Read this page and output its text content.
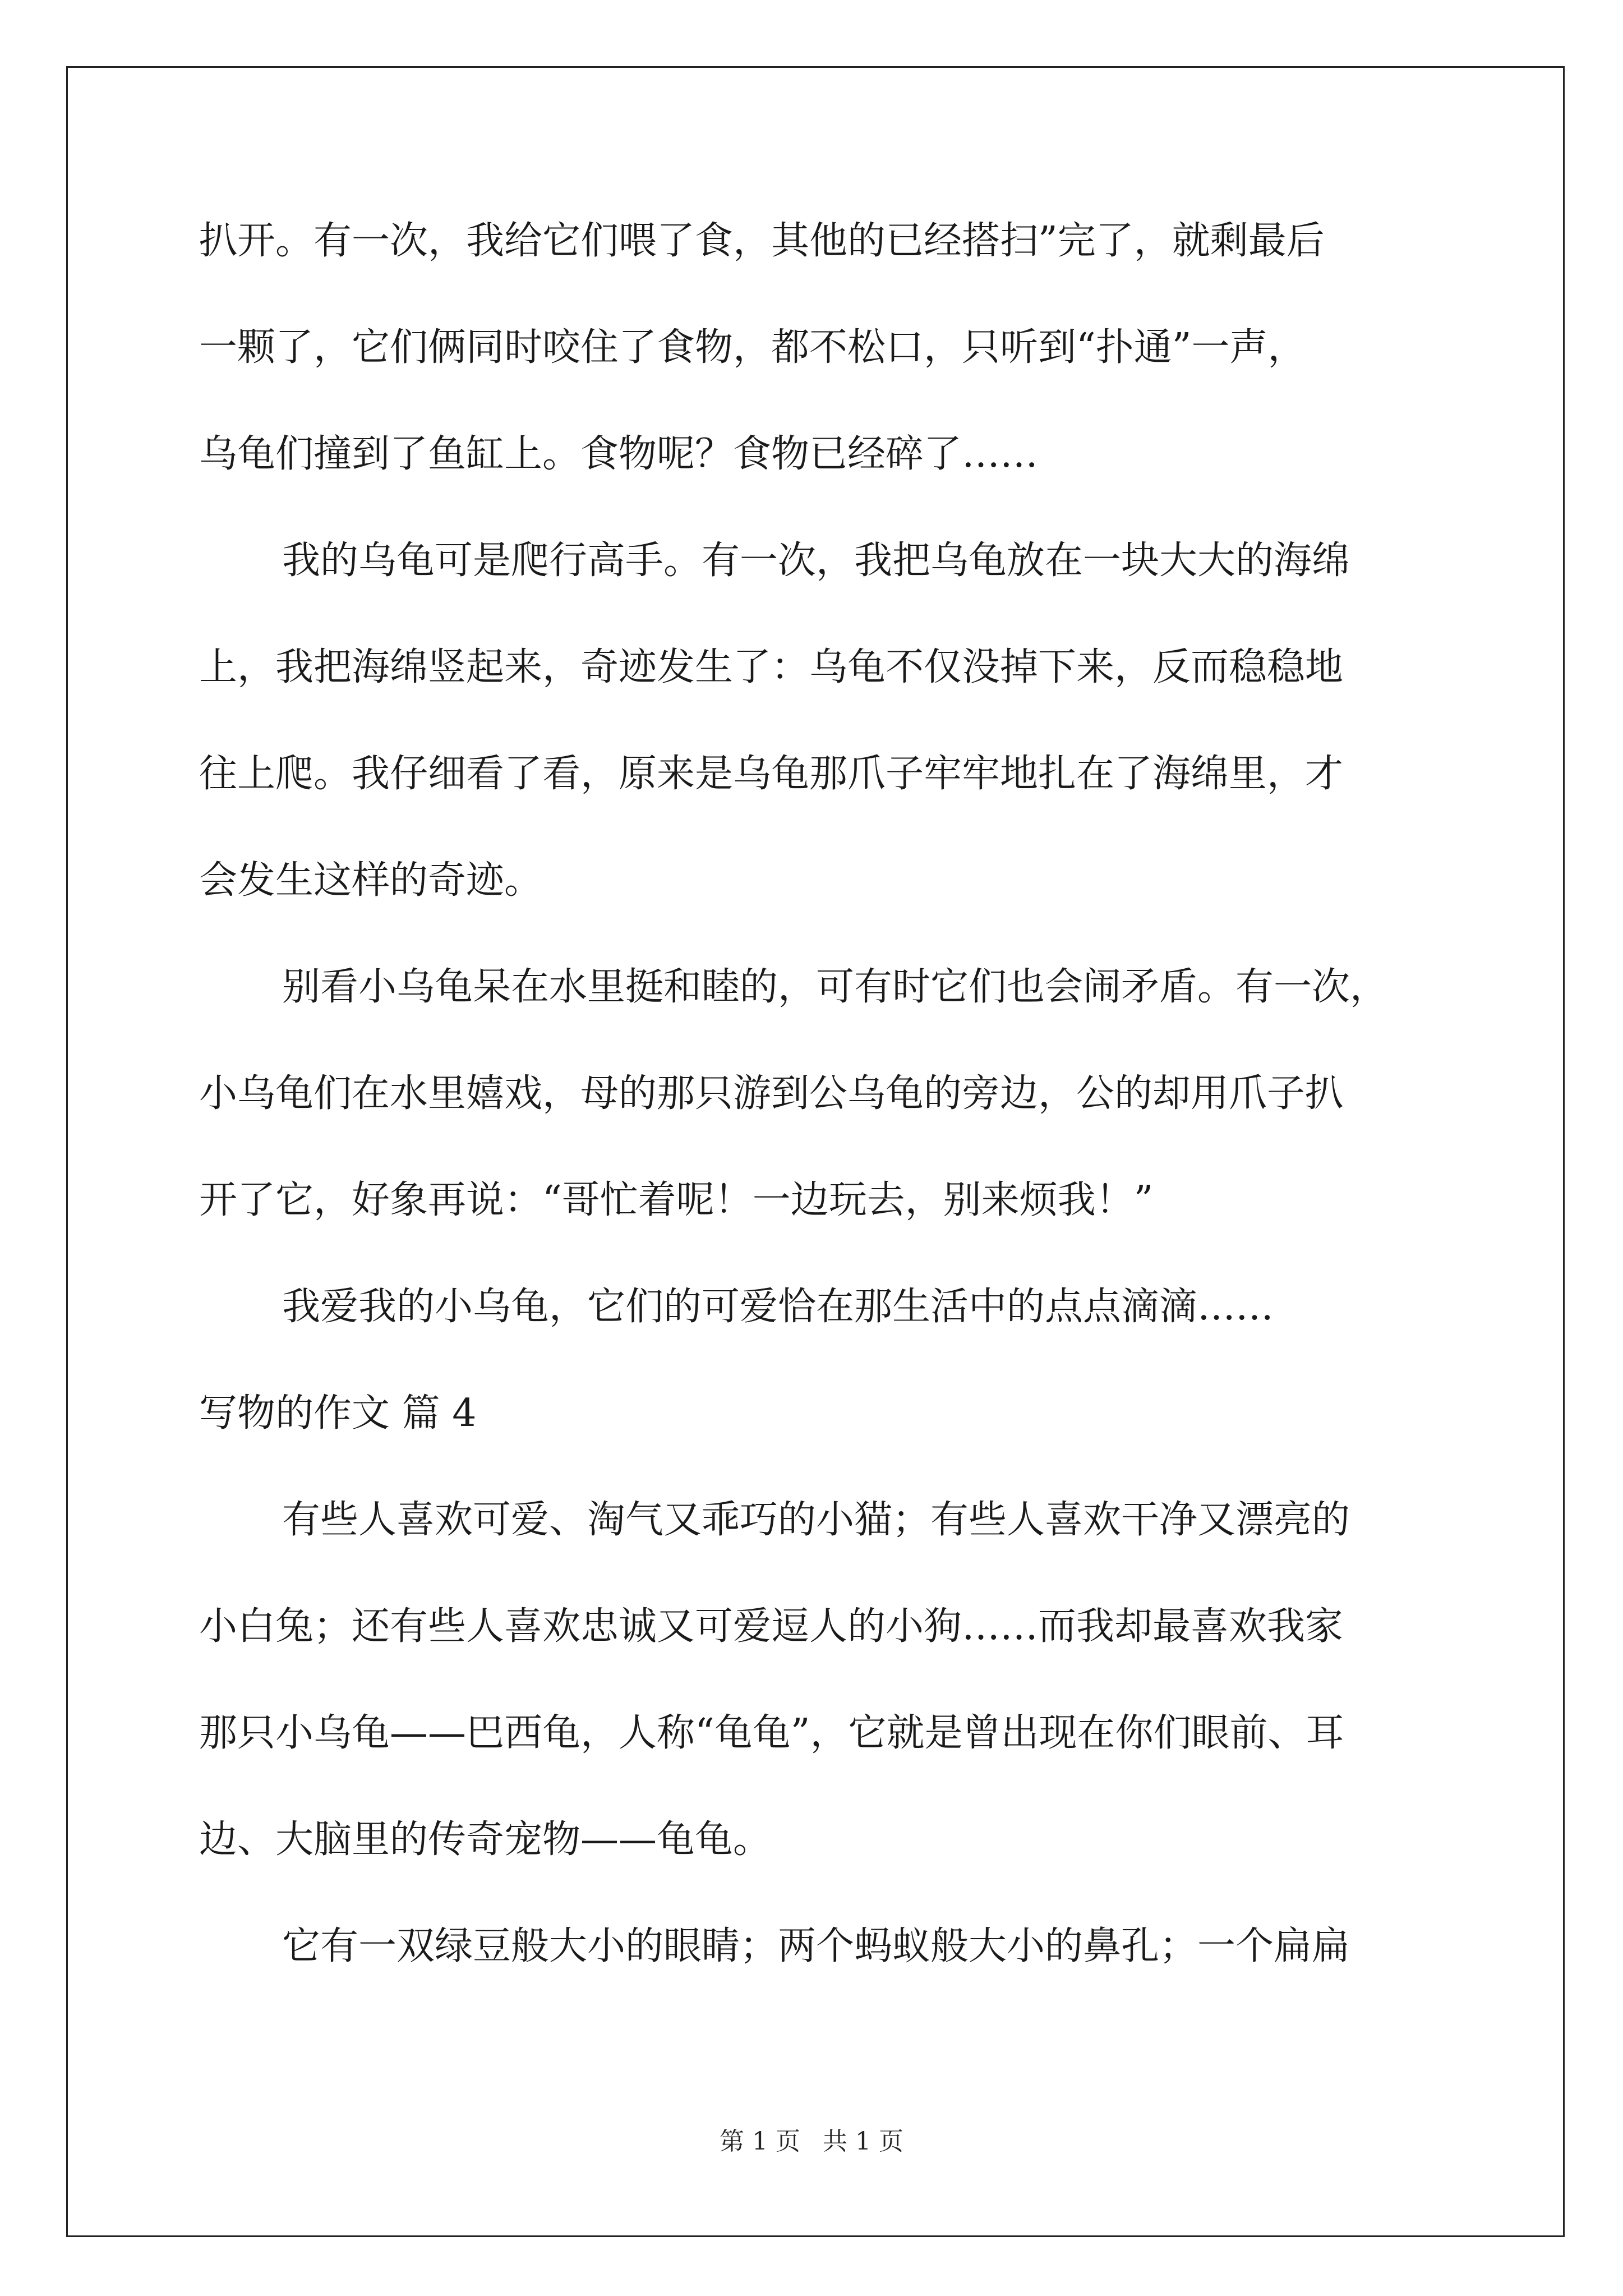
扒开。有一次，我给它们喂了食，其他的已经搭扫”完了，就剩最后
一颗了，它们俩同时咬住了食物，都不松口，只听到“扑通”一声，
乌龟们撞到了鱼缸上。食物呢？食物已经碎了……
我的乌龟可是爬行高手。有一次，我把乌龟放在一块大大的海绵
上，我把海绵竖起来，奇迹发生了：乌龟不仅没掉下来，反而稳稳地
往上爬。我仔细看了看，原来是乌龟那爪子牢牢地扎在了海绵里，才
会发生这样的奇迹。
别看小乌龟呆在水里挺和睦的，可有时它们也会闹矛盾。有一次，
小乌龟们在水里嬉戏，母的那只游到公乌龟的旁边，公的却用爪子扒
开了它，好象再说：“哥忙着呢！一边玩去，别来烦我！”
我爱我的小乌龟，它们的可爱恰在那生活中的点点滴滴……
写物的作文 篇 4
有些人喜欢可爱、淘气又乖巧的小猫；有些人喜欢干净又漂亮的
小白兔；还有些人喜欢忠诚又可爱逗人的小狗……而我却最喜欢我家
那只小乌龟——巴西龟，人称“龟龟”，它就是曾出现在你们眼前、耳
边、大脑里的传奇宠物——龟龟。
它有一双绿豆般大小的眼睛；两个蚂蚁般大小的鼻孔；一个扁扁
第 1 页 共 1 页
